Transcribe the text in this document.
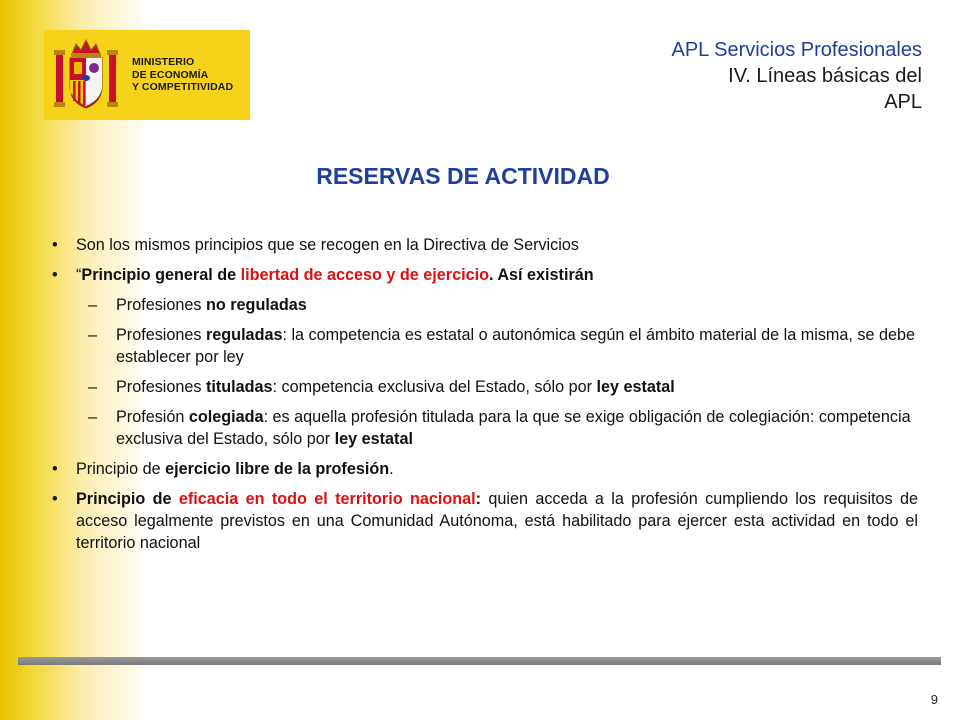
MINISTERIO
DE ECONOMÍA
Y COMPETITIVIDAD
APL Servicios Profesionales
IV. Líneas básicas del
APL
RESERVAS DE ACTIVIDAD
• Son los mismos principios que se recogen en la Directiva de Servicios
• “Principio general de libertad de acceso y de ejercicio. Así existirán
– Profesiones no reguladas
– Profesiones reguladas: la competencia es estatal o autonómica según el ámbito material de la misma, se debe establecer por ley
– Profesiones tituladas: competencia exclusiva del Estado, sólo por ley estatal
– Profesión colegiada: es aquella profesión titulada para la que se exige obligación de colegiación: competencia exclusiva del Estado, sólo por ley estatal
• Principio de ejercicio libre de la profesión.
• Principio de eficacia en todo el territorio nacional: quien acceda a la profesión cumpliendo los requisitos de acceso legalmente previstos en una Comunidad Autónoma, está habilitado para ejercer esta actividad en todo el territorio nacional
9
